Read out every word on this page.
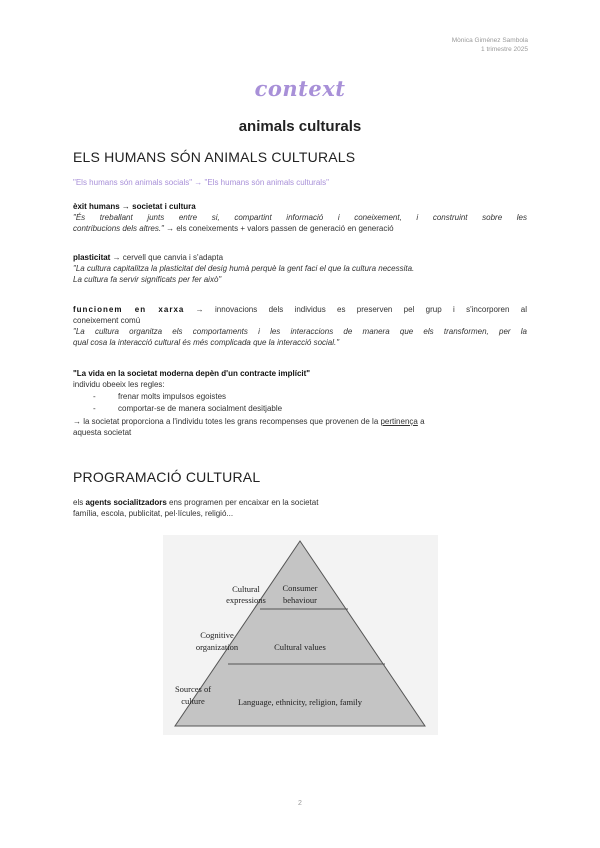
Mònica Giménez Sambola
1 trimestre 2025
context
animals culturals
ELS HUMANS SÓN ANIMALS CULTURALS
"Els humans són animals socials" → "Els humans són animals culturals"
èxit humans → societat i cultura
"És treballant junts entre si, compartint informació i coneixement, i construint sobre les
contribucions dels altres." → els coneixements + valors passen de generació en generació
plasticitat → cervell que canvia i s'adapta
"La cultura capitalitza la plasticitat del desig humà perquè la gent faci el que la cultura necessita.
La cultura fa servir significats per fer això"
funcionem en xarxa → innovacions dels individus es preserven pel grup i s'incorporen al
coneixement comú
"La cultura organitza els comportaments i les interaccions de manera que els transformen, per la
qual cosa la interacció cultural és més complicada que la interacció social."
"La vida en la societat moderna depèn d'un contracte implícit"
individu obeeix les regles:
-	frenar molts impulsos egoistes
-	comportar-se de manera socialment desitjable
→ la societat proporciona a l'individu totes les grans recompenses que provenen de la pertinença a
aquesta societat
PROGRAMACIÓ CULTURAL
els agents socialitzadors ens programen per encaixar en la societat
família, escola, publicitat, pel·lícules, religió...
Consumer
behaviour
Cultural values
Language, ethnicity, religion, family
Cultural
expressions
Cognitive
organization
Sources of
culture
2
